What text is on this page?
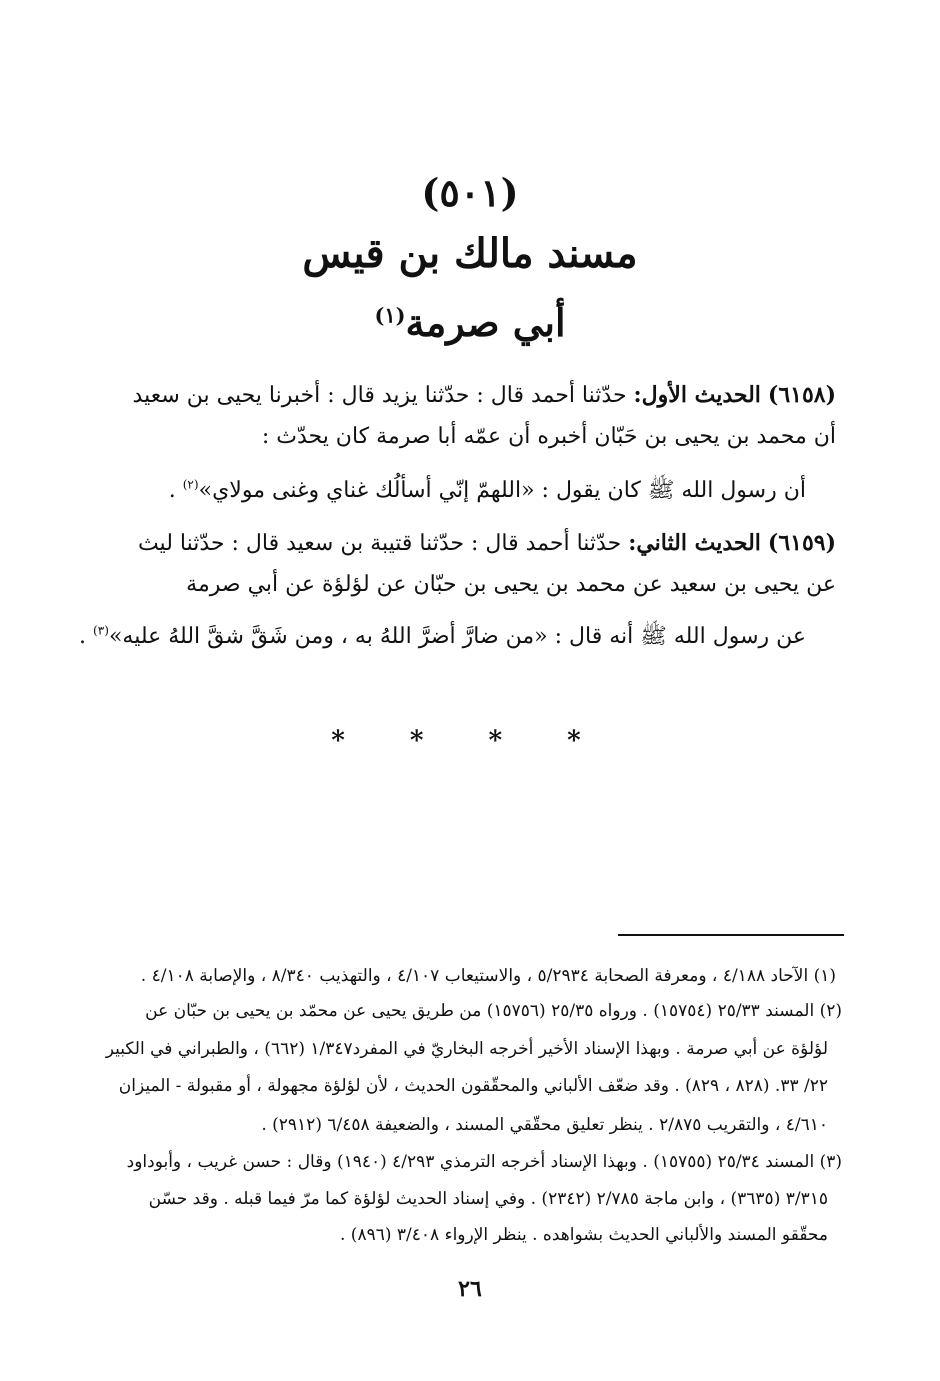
(٥٠١)
مسند مالك بن قيس
أبي صرمة$^{(١)}$
(٦١٥٨) الحديث الأول: حدّثنا أحمد قال : حدّثنا يزيد قال : أخبرنا يحيى بن سعيد
أن محمد بن يحيى بن حَبّان أخبره أن عمّه أبا صرمة كان يحدّث :
أن رسول الله ﷺ كان يقول : «اللهمّ إنّي أسألُك غناي وغنى مولاي»$^{(٢)}$ .
(٦١٥٩) الحديث الثاني: حدّثنا أحمد قال : حدّثنا قتيبة بن سعيد قال : حدّثنا ليث
عن يحيى بن سعيد عن محمد بن يحيى بن حبّان عن لؤلؤة عن أبي صرمة
عن رسول الله ﷺ أنه قال : «من ضارَّ أضرَّ اللهُ به ، ومن شَقَّ شقَّ اللهُ عليه»$^{(٣)}$ .
* * * *
(١) الآحاد ٤/١٨٨ ، ومعرفة الصحابة ٥/٢٩٣٤ ، والاستيعاب ٤/١٠٧ ، والتهذيب ٨/٣٤٠ ، والإصابة ٤/١٠٨ .
(٢) المسند ٢٥/٣٣ (١٥٧٥٤) . ورواه ٢٥/٣٥ (١٥٧٥٦) من طريق يحيى عن محمّد بن يحيى بن حبّان عن
لؤلؤة عن أبي صرمة . وبهذا الإسناد الأخير أخرجه البخاريّ في المفرد١/٣٤٧ (٦٦٢) ، والطبراني في الكبير
٢٢/ ٣٣. (٨٢٨ ، ٨٢٩) . وقد ضعّف الألباني والمحقّقون الحديث ، لأن لؤلؤة مجهولة ، أو مقبولة - الميزان
٤/٦١٠ ، والتقريب ٢/٨٧٥ . ينظر تعليق محقّقي المسند ، والضعيفة ٦/٤٥٨ (٢٩١٢) .
(٣) المسند ٢٥/٣٤ (١٥٧٥٥) . وبهذا الإسناد أخرجه الترمذي ٤/٢٩٣ (١٩٤٠) وقال : حسن غريب ، وأبوداود
٣/٣١٥ (٣٦٣٥) ، وابن ماجة ٢/٧٨٥ (٢٣٤٢) . وفي إسناد الحديث لؤلؤة كما مرّ فيما قبله . وقد حسّن
محقّقو المسند والألباني الحديث بشواهده . ينظر الإرواء ٣/٤٠٨ (٨٩٦) .
٢٦
